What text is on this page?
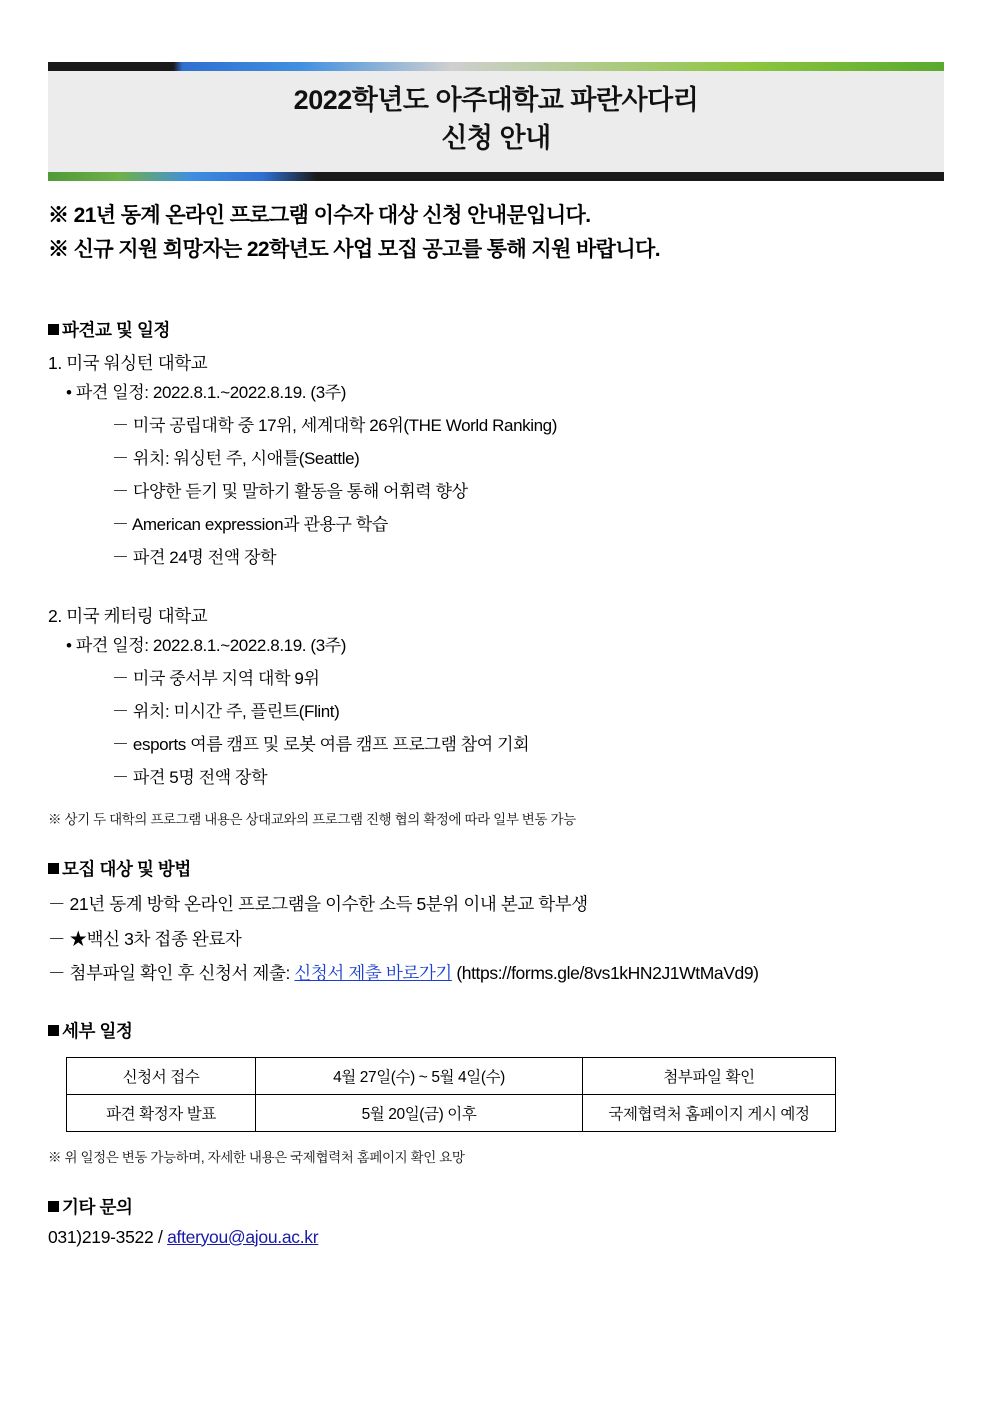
2022학년도 아주대학교 파란사다리
신청 안내
※ 21년 동계 온라인 프로그램 이수자 대상 신청 안내문입니다.
※ 신규 지원 희망자는 22학년도 사업 모집 공고를 통해 지원 바랍니다.
파견교 및 일정
1. 미국 워싱턴 대학교
• 파견 일정: 2022.8.1.~2022.8.19. (3주)
－ 미국 공립대학 중 17위, 세계대학 26위(THE World Ranking)
－ 위치: 워싱턴 주, 시애틀(Seattle)
－ 다양한 듣기 및 말하기 활동을 통해 어휘력 향상
－ American expression과 관용구 학습
－ 파견 24명 전액 장학
2. 미국 케터링 대학교
• 파견 일정: 2022.8.1.~2022.8.19. (3주)
－ 미국 중서부 지역 대학 9위
－ 위치: 미시간 주, 플린트(Flint)
－ esports 여름 캠프 및 로봇 여름 캠프 프로그램 참여 기회
－ 파견 5명 전액 장학
※ 상기 두 대학의 프로그램 내용은 상대교와의 프로그램 진행 협의 확정에 따라 일부 변동 가능
모집 대상 및 방법
－ 21년 동계 방학 온라인 프로그램을 이수한 소득 5분위 이내 본교 학부생
－ ★백신 3차 접종 완료자
－ 첨부파일 확인 후 신청서 제출: 신청서 제출 바로가기 (https://forms.gle/8vs1kHN2J1WtMaVd9)
세부 일정
신청서 접수	4월 27일(수) ~ 5월 4일(수)	첨부파일 확인
파견 확정자 발표	5월 20일(금) 이후	국제협력처 홈페이지 게시 예정
※ 위 일정은 변동 가능하며, 자세한 내용은 국제협력처 홈페이지 확인 요망
기타 문의
031)219-3522 / afteryou@ajou.ac.kr
